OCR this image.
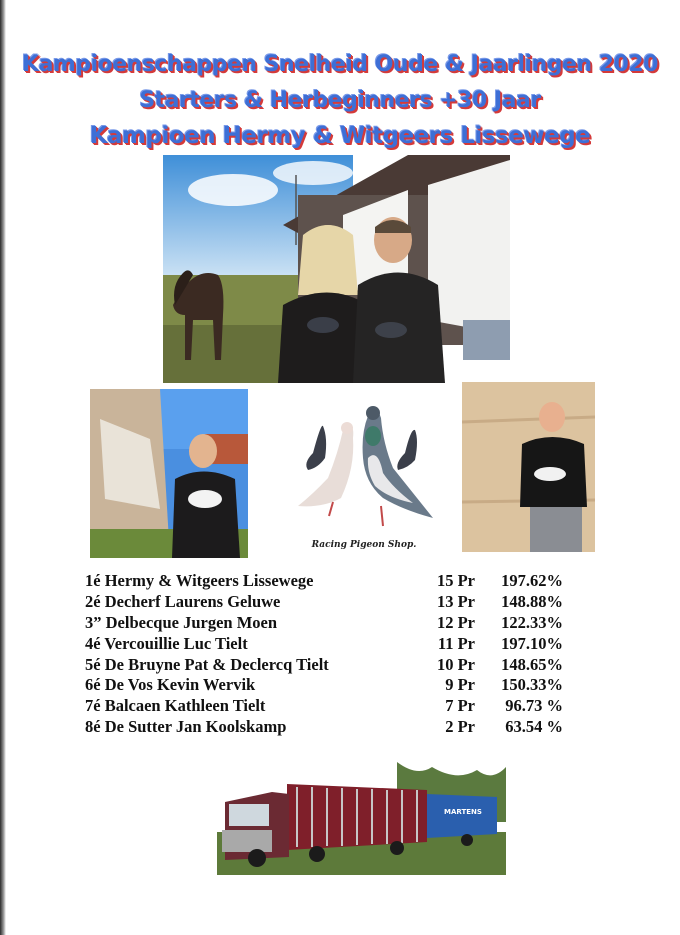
Kampioenschappen Snelheid Oude & Jaarlingen 2020
Starters & Herbeginners +30 Jaar
Kampioen Hermy & Witgeers Lissewege
Racing Pigeon Shop.
1é Hermy & Witgeers Lissewege	15 Pr	197.62%
2é Decherf Laurens Geluwe	13 Pr	148.88%
3” Delbecque Jurgen Moen	12 Pr	122.33%
4é Vercouillie Luc Tielt	11 Pr	197.10%
5é De Bruyne Pat & Declercq Tielt	10 Pr	148.65%
6é De Vos Kevin Wervik	9 Pr	150.33%
7é Balcaen Kathleen Tielt	7 Pr	96.73 %
8é De Sutter Jan Koolskamp	2 Pr	63.54 %
MARTENS
